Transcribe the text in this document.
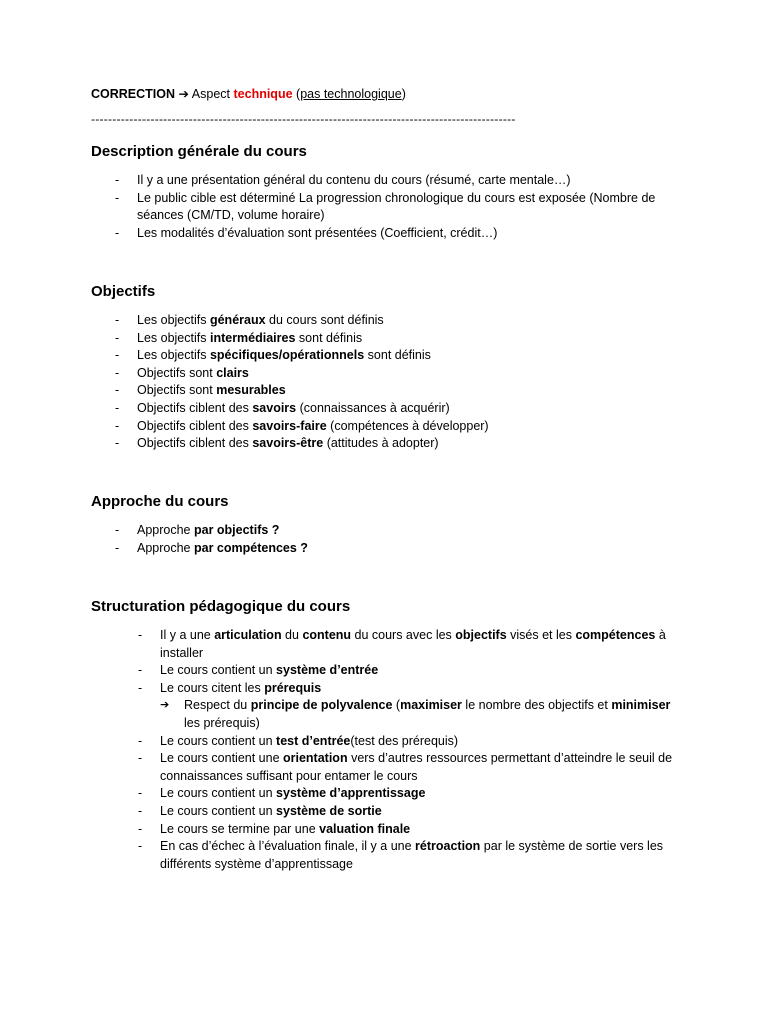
CORRECTION ➔ Aspect technique (pas technologique)
----------------------------------------------------------------------------------------------------
Description générale du cours
- Il y a une présentation général du contenu du cours (résumé, carte mentale…)
- Le public cible est déterminé La progression chronologique du cours est exposée (Nombre de séances (CM/TD, volume horaire)
- Les modalités d’évaluation sont présentées (Coefficient, crédit…)
Objectifs
- Les objectifs généraux du cours sont définis
- Les objectifs intermédiaires sont définis
- Les objectifs spécifiques/opérationnels sont définis
- Objectifs sont clairs
- Objectifs sont mesurables
- Objectifs ciblent des savoirs (connaissances à acquérir)
- Objectifs ciblent des savoirs-faire (compétences à développer)
- Objectifs ciblent des savoirs-être (attitudes à adopter)
Approche du cours
- Approche par objectifs ?
- Approche par compétences ?
Structuration pédagogique du cours
- Il y a une articulation du contenu du cours avec les objectifs visés et les compétences à installer
- Le cours contient un système d’entrée
- Le cours citent les prérequis
➔ Respect du principe de polyvalence (maximiser le nombre des objectifs et minimiser les prérequis)
- Le cours contient un test d’entrée(test des prérequis)
- Le cours contient une orientation vers d’autres ressources permettant d’atteindre le seuil de connaissances suffisant pour entamer le cours
- Le cours contient un système d’apprentissage
- Le cours contient un système de sortie
- Le cours se termine par une valuation finale
- En cas d’échec à l’évaluation finale, il y a une rétroaction par le système de sortie vers les différents système d’apprentissage
